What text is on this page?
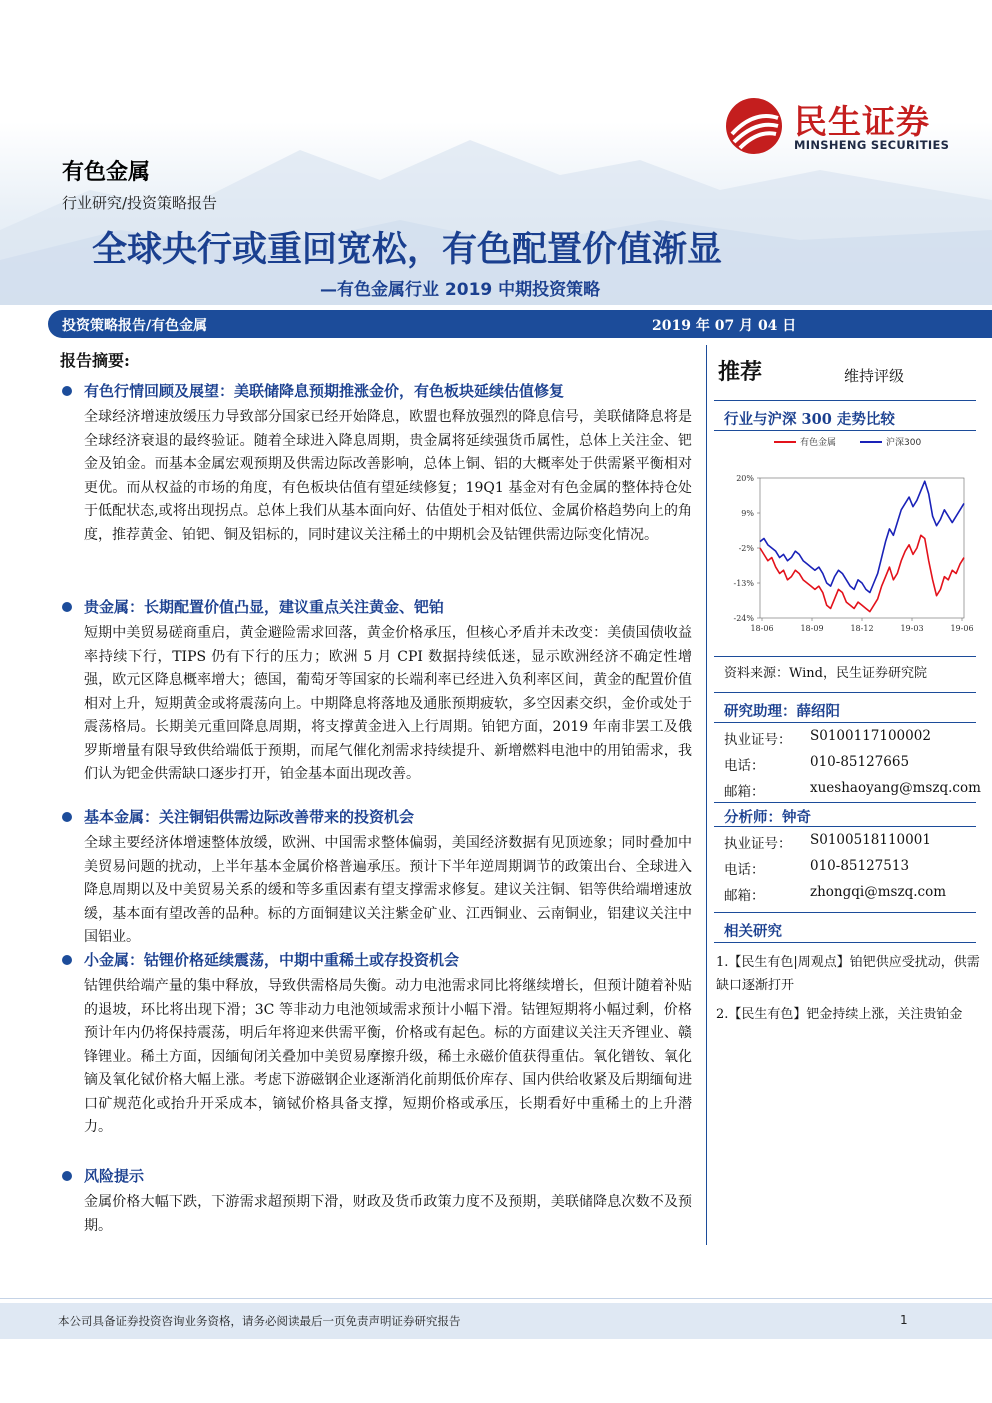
民生证券
MINSHENG SECURITIES
有色金属
行业研究/投资策略报告
全球央行或重回宽松，有色配置价值渐显
—有色金属行业 2019 中期投资策略
投资策略报告/有色金属	2019 年 07 月 04 日
报告摘要:
有色行情回顾及展望：美联储降息预期推涨金价，有色板块延续估值修复
全球经济增速放缓压力导致部分国家已经开始降息，欧盟也释放强烈的降息信号，美联储降息将是全球经济衰退的最终验证。随着全球进入降息周期，贵金属将延续强货币属性，总体上关注金、钯金及铂金。而基本金属宏观预期及供需边际改善影响，总体上铜、铝的大概率处于供需紧平衡相对更优。而从权益的市场的角度，有色板块估值有望延续修复；19Q1 基金对有色金属的整体持仓处于低配状态,或将出现拐点。总体上我们从基本面向好、估值处于相对低位、金属价格趋势向上的角度，推荐黄金、铂钯、铜及铝标的，同时建议关注稀土的中期机会及钴锂供需边际变化情况。
贵金属：长期配置价值凸显，建议重点关注黄金、钯铂
短期中美贸易磋商重启，黄金避险需求回落，黄金价格承压，但核心矛盾并未改变：美债国债收益率持续下行，TIPS 仍有下行的压力；欧洲 5 月 CPI 数据持续低迷，显示欧洲经济不确定性增强，欧元区降息概率增大；德国，葡萄牙等国家的长端利率已经进入负利率区间，黄金的配置价值相对上升，短期黄金或将震荡向上。中期降息将落地及通胀预期疲软，多空因素交织，金价或处于震荡格局。长期美元重回降息周期，将支撑黄金进入上行周期。铂钯方面，2019 年南非罢工及俄罗斯增量有限导致供给端低于预期，而尾气催化剂需求持续提升、新增燃料电池中的用铂需求，我们认为钯金供需缺口逐步打开，铂金基本面出现改善。
基本金属：关注铜铝供需边际改善带来的投资机会
全球主要经济体增速整体放缓，欧洲、中国需求整体偏弱，美国经济数据有见顶迹象；同时叠加中美贸易问题的扰动，上半年基本金属价格普遍承压。预计下半年逆周期调节的政策出台、全球进入降息周期以及中美贸易关系的缓和等多重因素有望支撑需求修复。建议关注铜、铝等供给端增速放缓，基本面有望改善的品种。标的方面铜建议关注紫金矿业、江西铜业、云南铜业，铝建议关注中国铝业。
小金属：钴锂价格延续震荡，中期中重稀土或存投资机会
钴锂供给端产量的集中释放，导致供需格局失衡。动力电池需求同比将继续增长，但预计随着补贴的退坡，环比将出现下滑；3C 等非动力电池领域需求预计小幅下滑。钴锂短期将小幅过剩，价格预计年内仍将保持震荡，明后年将迎来供需平衡，价格或有起色。标的方面建议关注天齐锂业、赣锋锂业。稀土方面，因缅甸闭关叠加中美贸易摩擦升级，稀土永磁价值获得重估。氧化镨钕、氧化镝及氧化铽价格大幅上涨。考虑下游磁钢企业逐渐消化前期低价库存、国内供给收紧及后期缅甸进口矿规范化或抬升开采成本，镝铽价格具备支撑，短期价格或承压，长期看好中重稀土的上升潜力。
风险提示
金属价格大幅下跌，下游需求超预期下滑，财政及货币政策力度不及预期，美联储降息次数不及预期。
推荐	维持评级
行业与沪深 300 走势比较
有色金属	沪深300
20%
9%
-2%
-13%
-24%
18-06	18-09	18-12	19-03	19-06
资料来源：Wind，民生证券研究院
研究助理：薛绍阳
执业证号： S0100117100002
电话：	010-85127665
邮箱：	xueshaoyang@mszq.com
分析师：钟奇
执业证号： S0100518110001
电话：	010-85127513
邮箱：	zhongqi@mszq.com
相关研究
1.【民生有色|周观点】铂钯供应受扰动，供需缺口逐渐打开
2.【民生有色】钯金持续上涨，关注贵铂金
本公司具备证券投资咨询业务资格，请务必阅读最后一页免责声明证券研究报告	1
